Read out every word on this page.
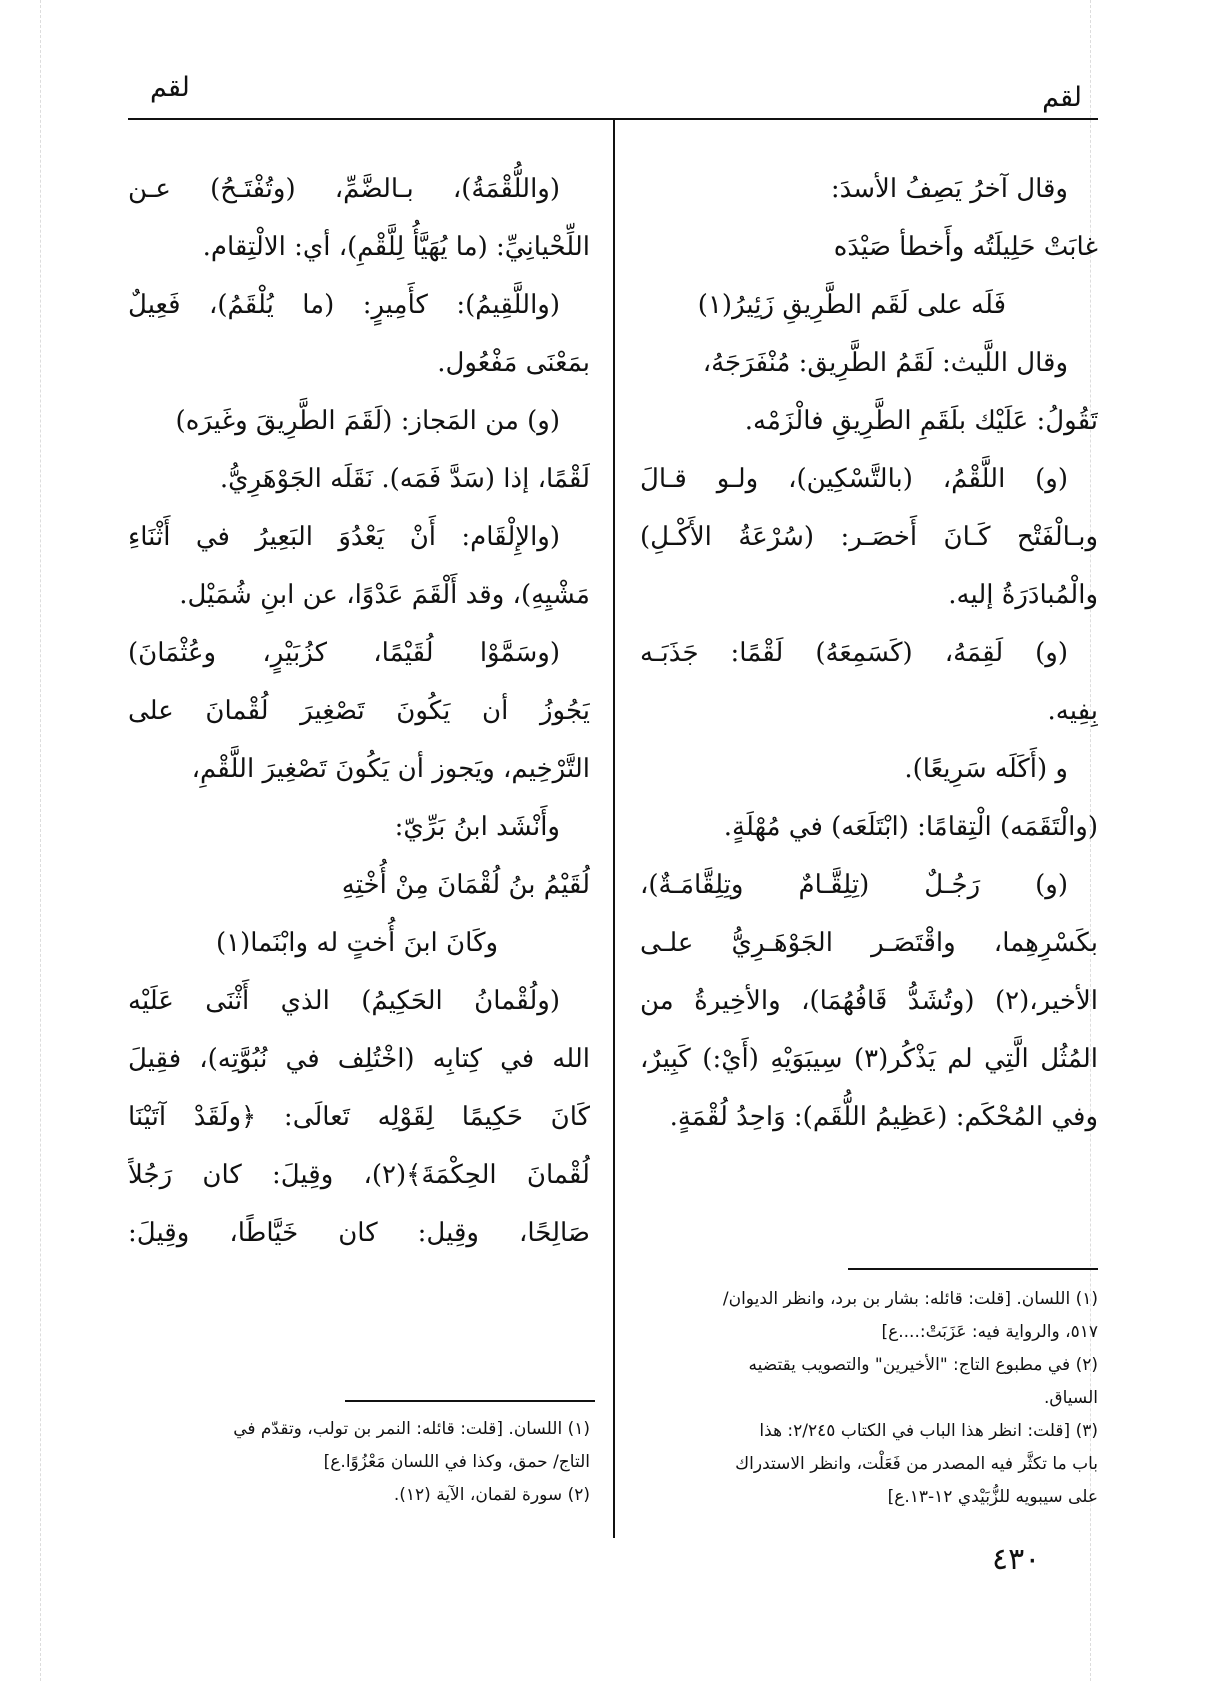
لقم
لقم
وقال آخرُ يَصِفُ الأسدَ:
غابَتْ حَلِيلَتُه وأَخطأ صَيْدَه
فَلَه على لَقَم الطَّرِيقِ زَئِيرُ(١)
وقال اللَّيث: لَقَمُ الطَّرِيق: مُنْفَرَجَهُ،
تَقُولُ: عَلَيْك بلَقَمِ الطَّرِيقِ فالْزَمْه.
(و) اللَّقْمُ، (بالتَّسْكِين)، ولـو قـالَ
وبـالْفَتْح كَـانَ أَخصَـر: (سُرْعَةُ الأَكْـلِ)
والْمُبادَرَةُ إليه.
(و) لَقِمَهُ، (كَسَمِعَهُ) لَقْمًا: جَذَبَـه
بِفِيه.
و (أَكَلَه سَرِيعًا).
(والْتَقَمَه) الْتِقامًا: (ابْتَلَعَه) في مُهْلَةٍ.
(و) رَجُـلٌ (تِلِقَّـامٌ وتِلِقَّامَـةٌ)،
بكَسْرِهِما، واقْتَصَـر الجَوْهَـرِيُّ علـى
الأخير،(٢) (وتُشَدُّ قَافُهُمَا)، والأخِيرةُ من
المُثُل الَّتِي لم يَذْكُر(٣) سِيبَوَيْهِ (أَيْ:) كَبِيرٌ،
وفي المُحْكَم: (عَظِيمُ اللُّقَم): وَاحِدُ لُقْمَةٍ.
(واللُّقْمَةُ)، بـالضَّمِّ، (وتُفْتَـحُ) عـن
اللِّحْيانِيِّ: (ما يُهَيَّأُ لِلَّقْمِ)، أي: الالْتِقام.
(واللَّقِيمُ): كأَمِيرٍ: (ما يُلْقَمُ)، فَعِيلٌ
بمَعْنَى مَفْعُول.
(و) من المَجاز: (لَقَمَ الطَّرِيقَ وغَيرَه)
لَقْمًا، إذا (سَدَّ فَمَه). نَقَلَه الجَوْهَرِيُّ.
(والإِلْقَام: أَنْ يَعْدُوَ البَعِيرُ في أَثْنَاءِ
مَشْيِهِ)، وقد أَلْقَمَ عَدْوًا، عن ابنِ شُمَيْل.
(وسَمَّوْا لُقَيْمًا، كزُبَيْرٍ، وعُثْمَانَ)
يَجُوزُ أن يَكُونَ تَصْغِيرَ لُقْمانَ على
التَّرْخِيم، ويَجوز أن يَكُونَ تَصْغِيرَ اللَّقْمِ،
وأَنْشَد ابنُ بَرِّيّ:
لُقَيْمُ بنُ لُقْمَانَ مِنْ أُخْتِهِ
وكَانَ ابنَ أُختٍ له وابْنَما(١)
(ولُقْمانُ الحَكِيمُ) الذي أَثْنَى عَلَيْه
الله في كِتابِه (اخْتُلِف في نُبُوَّتِه)، فقِيلَ
كَانَ حَكِيمًا لِقَوْلِه تَعالَى: ﴿ولَقَدْ آتَيْنَا
لُقْمانَ الحِكْمَةَ﴾(٢)، وقِيلَ: كان رَجُلاً
صَالِحًا، وقِيل: كان خَيَّاطًا، وقِيلَ:
(١) اللسان. [قلت: قائله: بشار بن برد، وانظر الديوان/
٥١٧، والرواية فيه: عَزَبَتْ:....ع]
(٢) في مطبوع التاج: "الأخيرين" والتصويب يقتضيه
السياق.
(٣) [قلت: انظر هذا الباب في الكتاب ٢/٢٤٥: هذا
باب ما تكثَّر فيه المصدر من فَعَلْت، وانظر الاستدراك
على سيبويه للزُّبَيْدي ١٢-١٣.ع]
(١) اللسان. [قلت: قائله: النمر بن تولب، وتقدّم في
التاج/ حمق، وكذا في اللسان مَعْزُوًا.ع]
(٢) سورة لقمان، الآية (١٢).
٤٣٠
